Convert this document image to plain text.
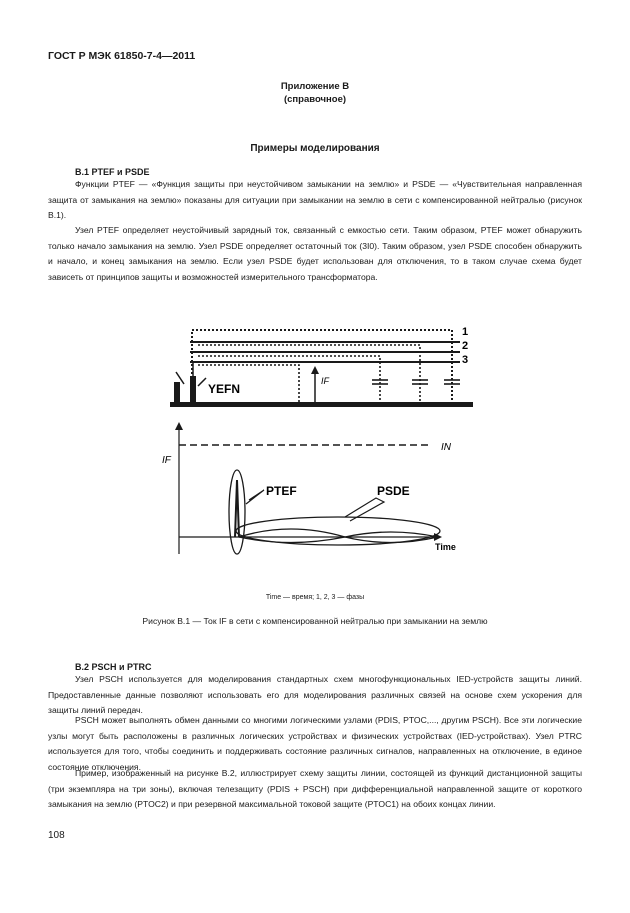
ГОСТ Р МЭК 61850-7-4—2011
Приложение В
(справочное)
Примеры моделирования
В.1 PTEF и PSDE

Функции PTEF — «Функция защиты при неустойчивом замыкании на землю» и PSDE — «Чувствительная направленная защита от замыкания на землю» показаны для ситуации при замыкании на землю в сети с компенсированной нейтралью (рисунок В.1).

Узел PTEF определяет неустойчивый зарядный ток, связанный с емкостью сети. Таким образом, PTEF может обнаружить только начало замыкания на землю. Узел PSDE определяет остаточный ток (3I0). Таким образом, узел PSDE способен обнаружить и начало, и конец замыкания на землю. Если узел PSDE будет использован для отключения, то в таком случае схема будет зависеть от принципов защиты и возможностей измерительного трансформатора.

YEFN
IF
1
2
3
IF
IN
PTEF	PSDE
Time
Time — время; 1, 2, 3 — фазы
Рисунок В.1 — Ток IF в сети с компенсированной нейтралью при замыкании на землю
В.2 PSCH и PTRC

Узел PSCH используется для моделирования стандартных схем многофункциональных IED-устройств защиты линий. Предоставленные данные позволяют использовать его для моделирования различных связей на основе схем ускорения для защиты линий передач.

PSCH может выполнять обмен данными со многими логическими узлами (PDIS, PTOC,..., другим PSCH). Все эти логические узлы могут быть расположены в различных логических устройствах и физических устройствах (IED-устройствах). Узел PTRC используется для того, чтобы соединить и поддерживать состояние различных сигналов, направленных на отключение, в единое состояние отключения.

Пример, изображенный на рисунке В.2, иллюстрирует схему защиты линии, состоящей из функций дистанционной защиты (три экземпляра на три зоны), включая телезащиту (PDIS + PSCH) при дифференциальной направленной защите от короткого замыкания на землю (PTOC2) и при резервной максимальной токовой защите (PTOC1) на обоих концах линии.

108
